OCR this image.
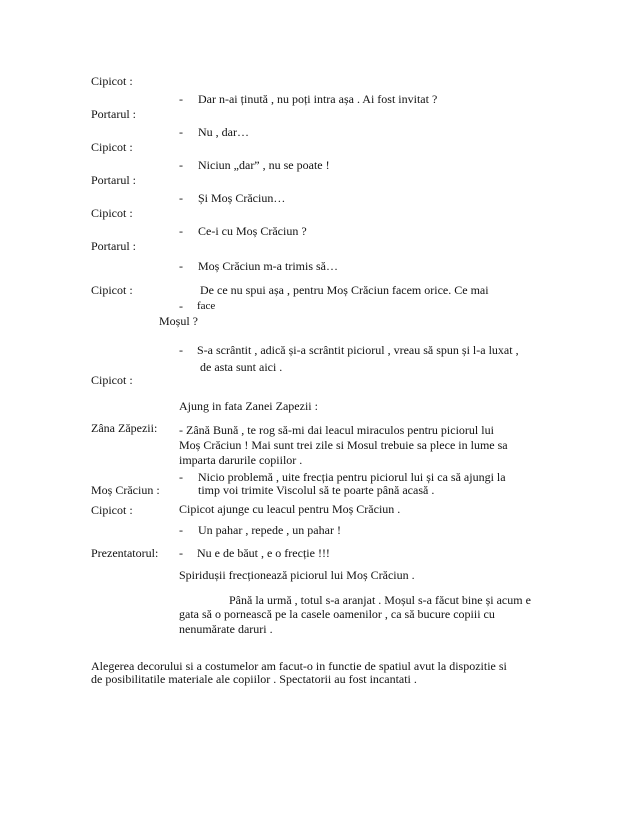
Cipicot :
- Dar n-ai ținută , nu poți intra așa . Ai fost invitat ?
Portarul :
- Nu , dar…
Cipicot :
- Niciun „dar” , nu se poate !
Portarul :
- Și Moș Crăciun…
Cipicot :
- Ce-i cu Moș Crăciun ?
Portarul :
- Moș Crăciun m-a trimis să…
Cipicot :	De ce nu spui așa , pentru Moș Crăciun facem orice. Ce mai
- face
Moșul ?
- S-a scrântit , adică și-a scrântit piciorul , vreau să spun și l-a luxat ,
de asta sunt aici .
Cipicot :
Ajung in fata Zanei Zapezii :
Zâna Zăpezii: - Zână Bună , te rog să-mi dai leacul miraculos pentru piciorul lui
Moș Crăciun ! Mai sunt trei zile si Mosul trebuie sa plece in lume sa
imparta darurile copiilor .
- Nicio problemă , uite frecția pentru piciorul lui și ca să ajungi la
Moș Crăciun :	timp voi trimite Viscolul să te poarte până acasă .
Cipicot :	Cipicot ajunge cu leacul pentru Moș Crăciun .
- Un pahar , repede , un pahar !
Prezentatorul: - Nu e de băut , e o frecție !!!
Spiridușii frecționează piciorul lui Moș Crăciun .
Până la urmă , totul s-a aranjat . Moșul s-a făcut bine și acum e
gata să o pornească pe la casele oamenilor , ca să bucure copiii cu
nenumărate daruri .
Alegerea decorului si a costumelor am facut-o in functie de spatiul avut la dispozitie si
de posibilitatile materiale ale copiilor . Spectatorii au fost incantati .
